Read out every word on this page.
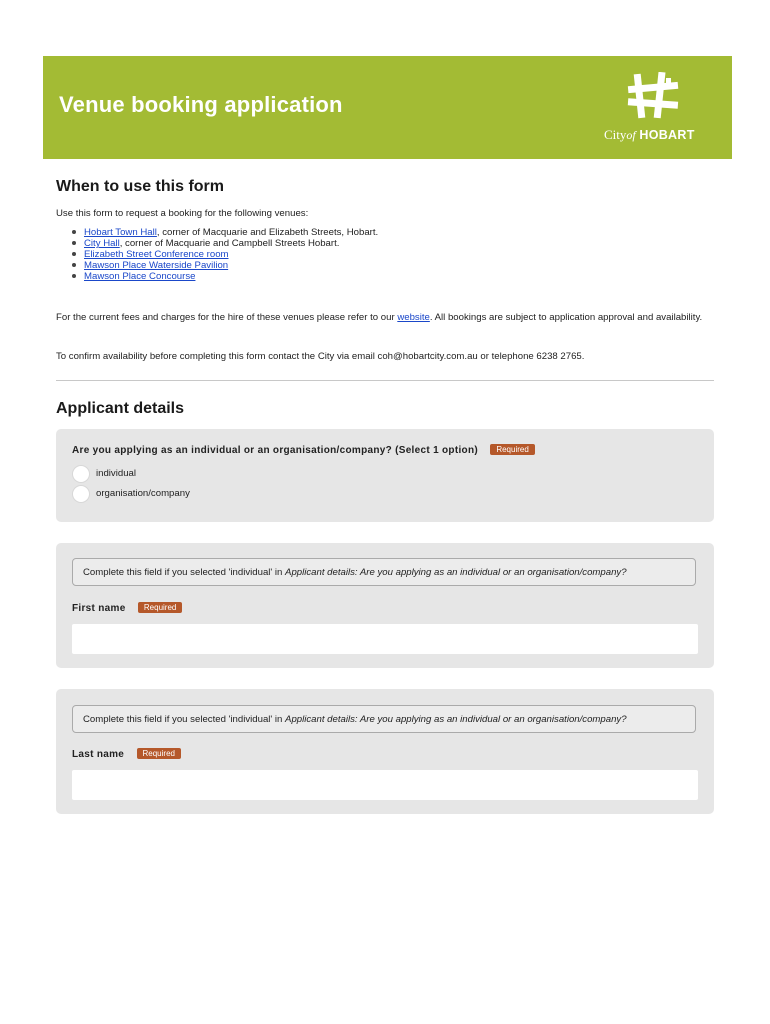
Venue booking application
Cityof HOBART
When to use this form
Use this form to request a booking for the following venues:
Hobart Town Hall, corner of Macquarie and Elizabeth Streets, Hobart.
City Hall, corner of Macquarie and Campbell Streets Hobart.
Elizabeth Street Conference room
Mawson Place Waterside Pavilion
Mawson Place Concourse
For the current fees and charges for the hire of these venues please refer to our website. All bookings are subject to application approval and availability.
To confirm availability before completing this form contact the City via email coh@hobartcity.com.au or telephone 6238 2765.
Applicant details
Are you applying as an individual or an organisation/company? (Select 1 option) Required
individual
organisation/company
Complete this field if you selected 'individual' in Applicant details: Are you applying as an individual or an organisation/company?
First name Required
Complete this field if you selected 'individual' in Applicant details: Are you applying as an individual or an organisation/company?
Last name Required
